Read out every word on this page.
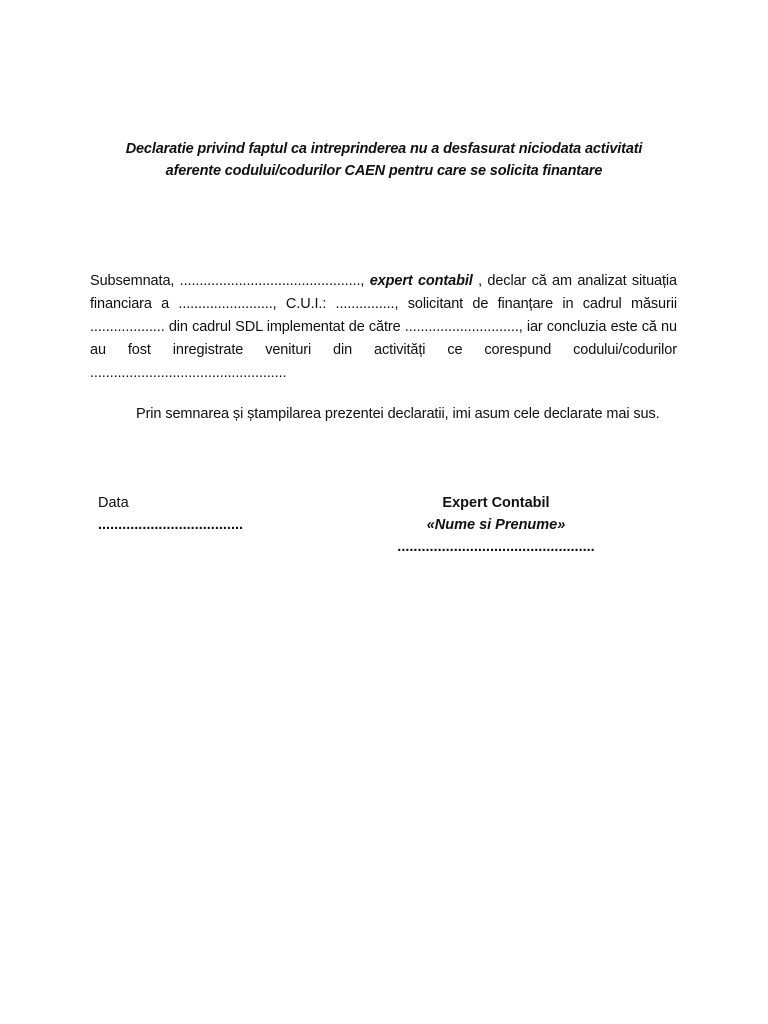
Declaratie privind faptul ca intreprinderea nu a desfasurat niciodata activitati
aferente codului/codurilor CAEN pentru care se solicita finantare

Subsemnata, .............................................., expert contabil , declar că am analizat situația financiara a ........................, C.U.I.: ..............., solicitant de finanțare in cadrul măsurii ................... din cadrul SDL implementat de către ............................., iar concluzia este că nu au fost inregistrate venituri din activități ce corespund codului/codurilor ..................................................

Prin semnarea și ștampilarea prezentei declaratii, imi asum cele declarate mai sus.

Data
....................................
Expert Contabil
«Nume si Prenume»
.................................................
